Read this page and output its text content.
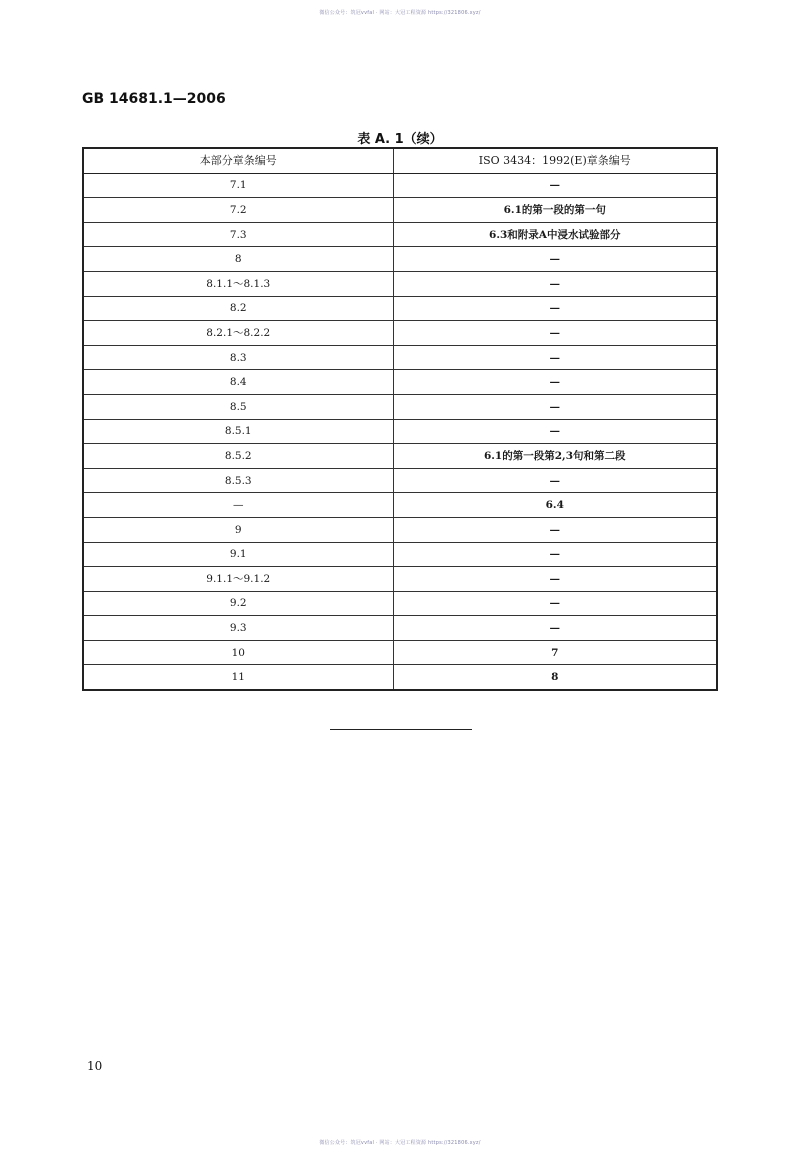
微信公众号：筑冠vvfal · 网站：大冠工程资源 https://321806.xyz/
GB 14681.1—2006
表 A. 1（续）
本部分章条编号	ISO 3434：1992(E)章条编号
7.1	—
7.2	6.1的第一段的第一句
7.3	6.3和附录A中浸水试验部分
8	—
8.1.1～8.1.3	—
8.2	—
8.2.1～8.2.2	—
8.3	—
8.4	—
8.5	—
8.5.1	—
8.5.2	6.1的第一段第2,3句和第二段
8.5.3	—
—	6.4
9	—
9.1	—
9.1.1～9.1.2	—
9.2	—
9.3	—
10	7
11	8
10
微信公众号：筑冠vvfal · 网站：大冠工程资源 https://321806.xyz/
